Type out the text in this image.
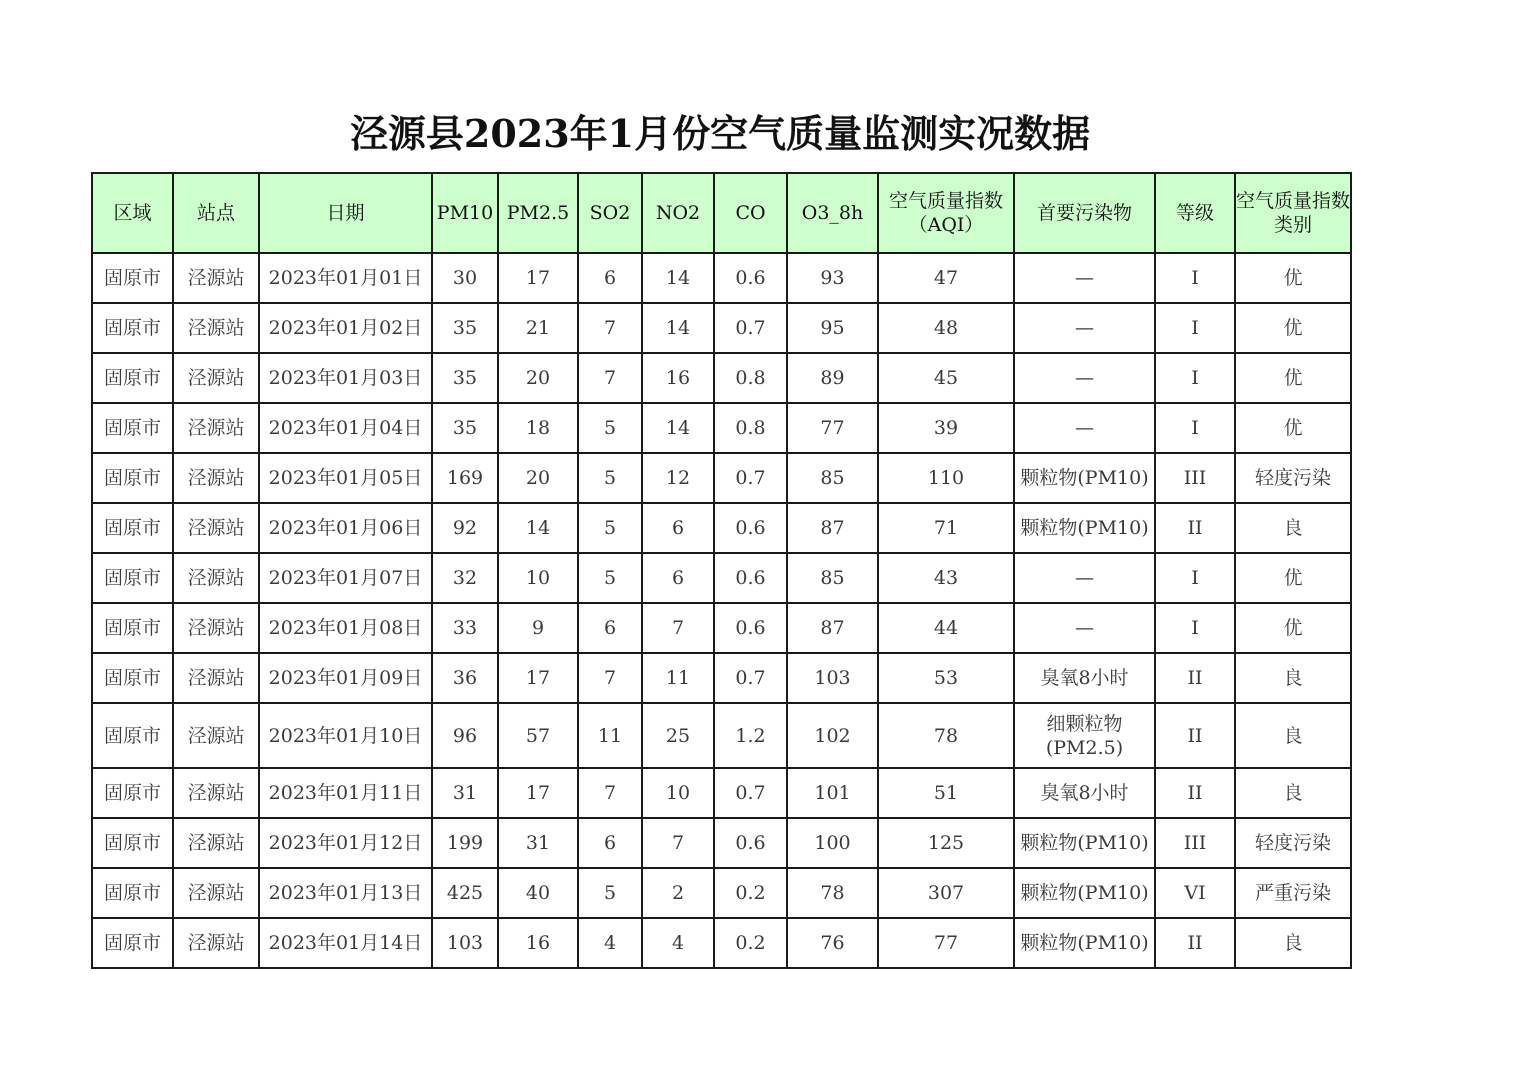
泾源县2023年1月份空气质量监测实况数据
区域	站点	日期	PM10	PM2.5	SO2	NO2	CO	O3_8h	空气质量指数（AQI）	首要污染物	等级	空气质量指数类别
固原市	泾源站	2023年01月01日	30	17	6	14	0.6	93	47	—	I	优
固原市	泾源站	2023年01月02日	35	21	7	14	0.7	95	48	—	I	优
固原市	泾源站	2023年01月03日	35	20	7	16	0.8	89	45	—	I	优
固原市	泾源站	2023年01月04日	35	18	5	14	0.8	77	39	—	I	优
固原市	泾源站	2023年01月05日	169	20	5	12	0.7	85	110	颗粒物(PM10)	III	轻度污染
固原市	泾源站	2023年01月06日	92	14	5	6	0.6	87	71	颗粒物(PM10)	II	良
固原市	泾源站	2023年01月07日	32	10	5	6	0.6	85	43	—	I	优
固原市	泾源站	2023年01月08日	33	9	6	7	0.6	87	44	—	I	优
固原市	泾源站	2023年01月09日	36	17	7	11	0.7	103	53	臭氧8小时	II	良
固原市	泾源站	2023年01月10日	96	57	11	25	1.2	102	78	细颗粒物(PM2.5)	II	良
固原市	泾源站	2023年01月11日	31	17	7	10	0.7	101	51	臭氧8小时	II	良
固原市	泾源站	2023年01月12日	199	31	6	7	0.6	100	125	颗粒物(PM10)	III	轻度污染
固原市	泾源站	2023年01月13日	425	40	5	2	0.2	78	307	颗粒物(PM10)	VI	严重污染
固原市	泾源站	2023年01月14日	103	16	4	4	0.2	76	77	颗粒物(PM10)	II	良
